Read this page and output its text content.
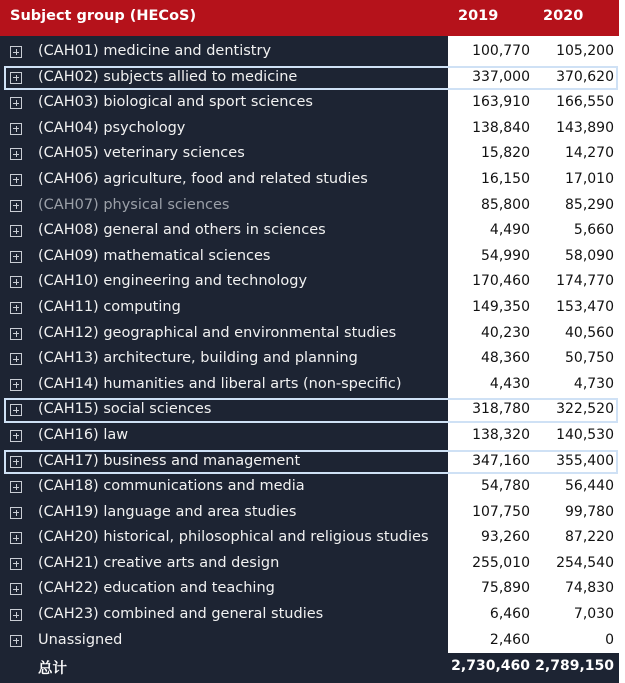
Subject group (HECoS)	2019	2020
(CAH01) medicine and dentistry	100,770	105,200
(CAH02) subjects allied to medicine	337,000	370,620
(CAH03) biological and sport sciences	163,910	166,550
(CAH04) psychology	138,840	143,890
(CAH05) veterinary sciences	15,820	14,270
(CAH06) agriculture, food and related studies	16,150	17,010
(CAH07) physical sciences	85,800	85,290
(CAH08) general and others in sciences	4,490	5,660
(CAH09) mathematical sciences	54,990	58,090
(CAH10) engineering and technology	170,460	174,770
(CAH11) computing	149,350	153,470
(CAH12) geographical and environmental studies	40,230	40,560
(CAH13) architecture, building and planning	48,360	50,750
(CAH14) humanities and liberal arts (non-specific)	4,430	4,730
(CAH15) social sciences	318,780	322,520
(CAH16) law	138,320	140,530
(CAH17) business and management	347,160	355,400
(CAH18) communications and media	54,780	56,440
(CAH19) language and area studies	107,750	99,780
(CAH20) historical, philosophical and religious studies	93,260	87,220
(CAH21) creative arts and design	255,010	254,540
(CAH22) education and teaching	75,890	74,830
(CAH23) combined and general studies	6,460	7,030
Unassigned	2,460	0
总计	2,730,460 2,789,150
